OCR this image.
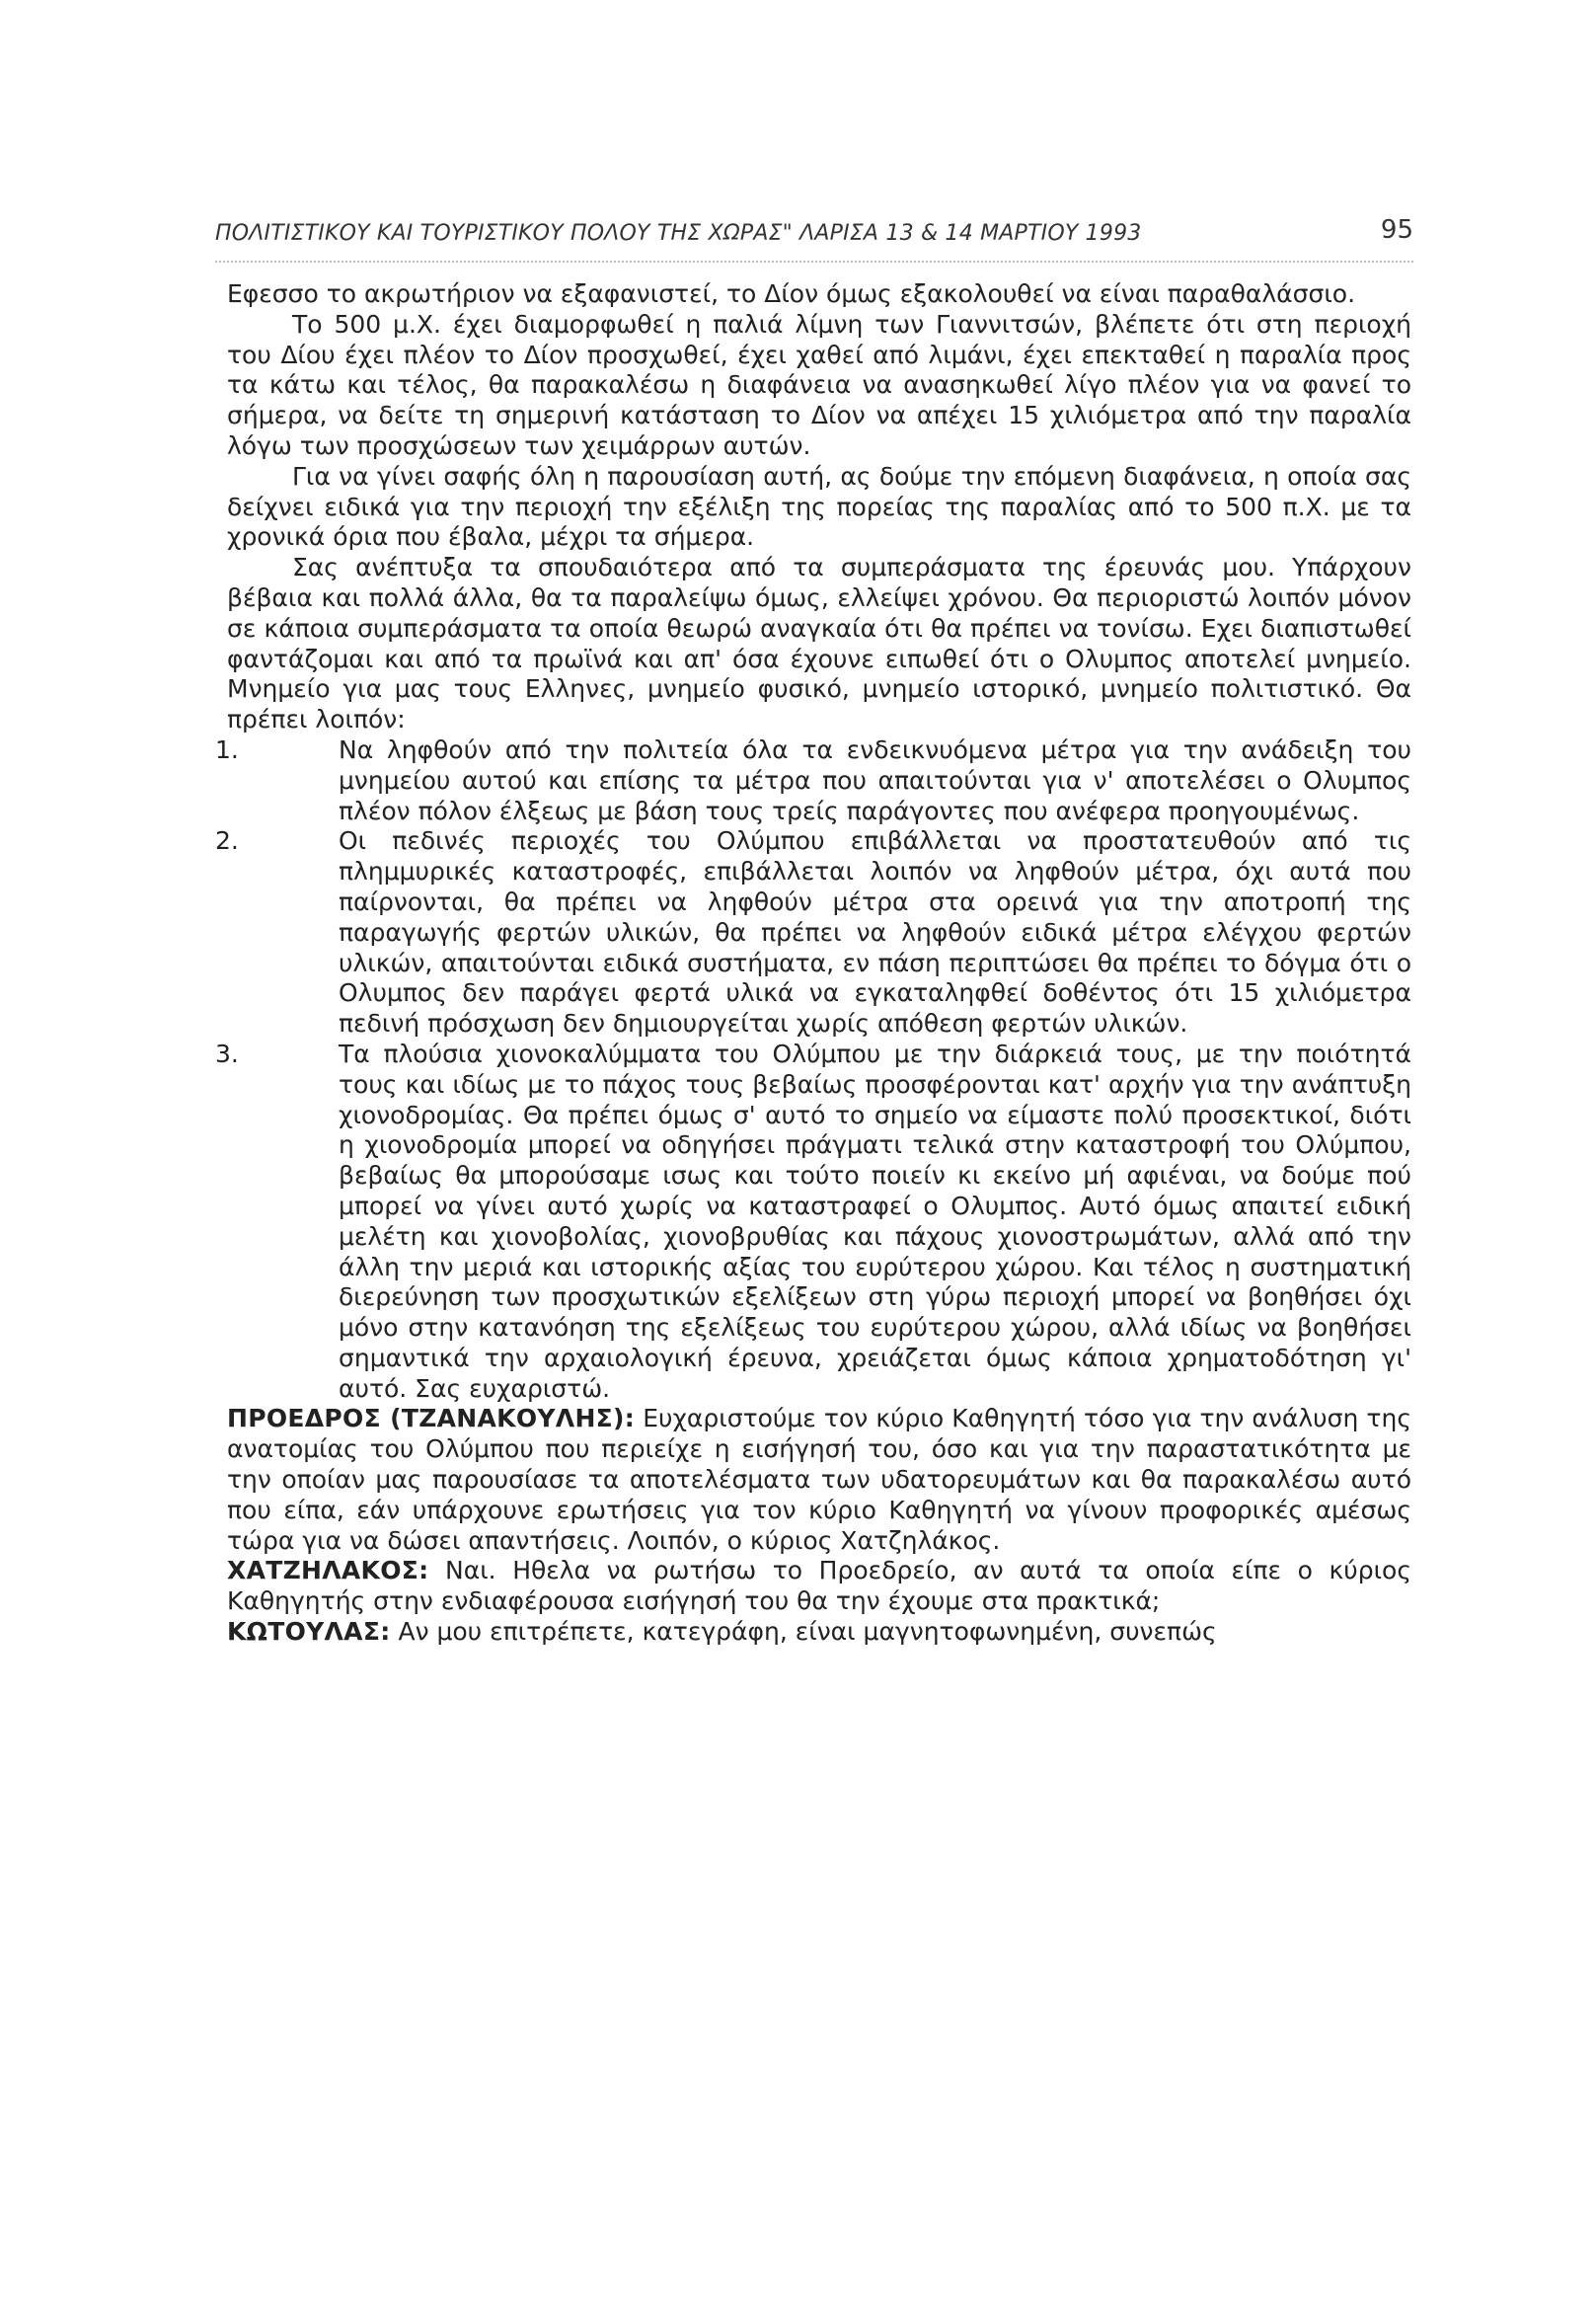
ΠΟΛΙΤΙΣΤΙΚΟΥ ΚΑΙ ΤΟΥΡΙΣΤΙΚΟΥ ΠΟΛΟΥ ΤΗΣ ΧΩΡΑΣ" ΛΑΡΙΣΑ 13 & 14 ΜΑΡΤΙΟΥ 1993	95

Εφεσσο το ακρωτήριον να εξαφανιστεί, το Δίον όμως εξακολουθεί να είναι παραθαλάσσιο.

Το 500 μ.Χ. έχει διαμορφωθεί η παλιά λίμνη των Γιαννιτσών, βλέπετε ότι στη περιοχή του Δίου έχει πλέον το Δίον προσχωθεί, έχει χαθεί από λιμάνι, έχει επεκταθεί η παραλία προς τα κάτω και τέλος, θα παρακαλέσω η διαφάνεια να ανασηκωθεί λίγο πλέον για να φανεί το σήμερα, να δείτε τη σημερινή κατάσταση το Δίον να απέχει 15 χιλιόμετρα από την παραλία λόγω των προσχώσεων των χειμάρρων αυτών.

Για να γίνει σαφής όλη η παρουσίαση αυτή, ας δούμε την επόμενη διαφάνεια, η οποία σας δείχνει ειδικά για την περιοχή την εξέλιξη της πορείας της παραλίας από το 500 π.Χ. με τα χρονικά όρια που έβαλα, μέχρι τα σήμερα.

Σας ανέπτυξα τα σπουδαιότερα από τα συμπεράσματα της έρευνάς μου. Υπάρχουν βέβαια και πολλά άλλα, θα τα παραλείψω όμως, ελλείψει χρόνου. Θα περιοριστώ λοιπόν μόνον σε κάποια συμπεράσματα τα οποία θεωρώ αναγκαία ότι θα πρέπει να τονίσω. Εχει διαπιστωθεί φαντάζομαι και από τα πρωϊνά και απ' όσα έχουνε ειπωθεί ότι ο Ολυμπος αποτελεί μνημείο. Μνημείο για μας τους Ελληνες, μνημείο φυσικό, μνημείο ιστορικό, μνημείο πολιτιστικό. Θα πρέπει λοιπόν:

1.	Να ληφθούν από την πολιτεία όλα τα ενδεικνυόμενα μέτρα για την ανάδειξη του μνημείου αυτού και επίσης τα μέτρα που απαιτούνται για ν' αποτελέσει ο Ολυμπος πλέον πόλον έλξεως με βάση τους τρείς παράγοντες που ανέφερα προηγουμένως.
2.	Οι πεδινές περιοχές του Ολύμπου επιβάλλεται να προστατευθούν από τις πλημμυρικές καταστροφές, επιβάλλεται λοιπόν να ληφθούν μέτρα, όχι αυτά που παίρνονται, θα πρέπει να ληφθούν μέτρα στα ορεινά για την αποτροπή της παραγωγής φερτών υλικών, θα πρέπει να ληφθούν ειδικά μέτρα ελέγχου φερτών υλικών, απαιτούνται ειδικά συστήματα, εν πάση περιπτώσει θα πρέπει το δόγμα ότι ο Ολυμπος δεν παράγει φερτά υλικά να εγκαταληφθεί δοθέντος ότι 15 χιλιόμετρα πεδινή πρόσχωση δεν δημιουργείται χωρίς απόθεση φερτών υλικών.
3.	Τα πλούσια χιονοκαλύμματα του Ολύμπου με την διάρκειά τους, με την ποιότητά τους και ιδίως με το πάχος τους βεβαίως προσφέρονται κατ' αρχήν για την ανάπτυξη χιονοδρομίας. Θα πρέπει όμως σ' αυτό το σημείο να είμαστε πολύ προσεκτικοί, διότι η χιονοδρομία μπορεί να οδηγήσει πράγματι τελικά στην καταστροφή του Ολύμπου, βεβαίως θα μπορούσαμε ισως και τούτο ποιείν κι εκείνο μή αφιέναι, να δούμε πού μπορεί να γίνει αυτό χωρίς να καταστραφεί ο Ολυμπος. Αυτό όμως απαιτεί ειδική μελέτη και χιονοβολίας, χιονοβρυθίας και πάχους χιονοστρωμάτων, αλλά από την άλλη την μεριά και ιστορικής αξίας του ευρύτερου χώρου. Και τέλος η συστηματική διερεύνηση των προσχωτικών εξελίξεων στη γύρω περιοχή μπορεί να βοηθήσει όχι μόνο στην κατανόηση της εξελίξεως του ευρύτερου χώρου, αλλά ιδίως να βοηθήσει σημαντικά την αρχαιολογική έρευνα, χρειάζεται όμως κάποια χρηματοδότηση γι' αυτό. Σας ευχαριστώ.

ΠΡΟΕΔΡΟΣ (ΤΖΑΝΑΚΟΥΛΗΣ): Ευχαριστούμε τον κύριο Καθηγητή τόσο για την ανάλυση της ανατομίας του Ολύμπου που περιείχε η εισήγησή του, όσο και για την παραστατικότητα με την οποίαν μας παρουσίασε τα αποτελέσματα των υδατορευμάτων και θα παρακαλέσω αυτό που είπα, εάν υπάρχουνε ερωτήσεις για τον κύριο Καθηγητή να γίνουν προφορικές αμέσως τώρα για να δώσει απαντήσεις. Λοιπόν, ο κύριος Χατζηλάκος.

ΧΑΤΖΗΛΑΚΟΣ: Ναι. Ηθελα να ρωτήσω το Προεδρείο, αν αυτά τα οποία είπε ο κύριος Καθηγητής στην ενδιαφέρουσα εισήγησή του θα την έχουμε στα πρακτικά;

ΚΩΤΟΥΛΑΣ: Αν μου επιτρέπετε, κατεγράφη, είναι μαγνητοφωνημένη, συνεπώς
